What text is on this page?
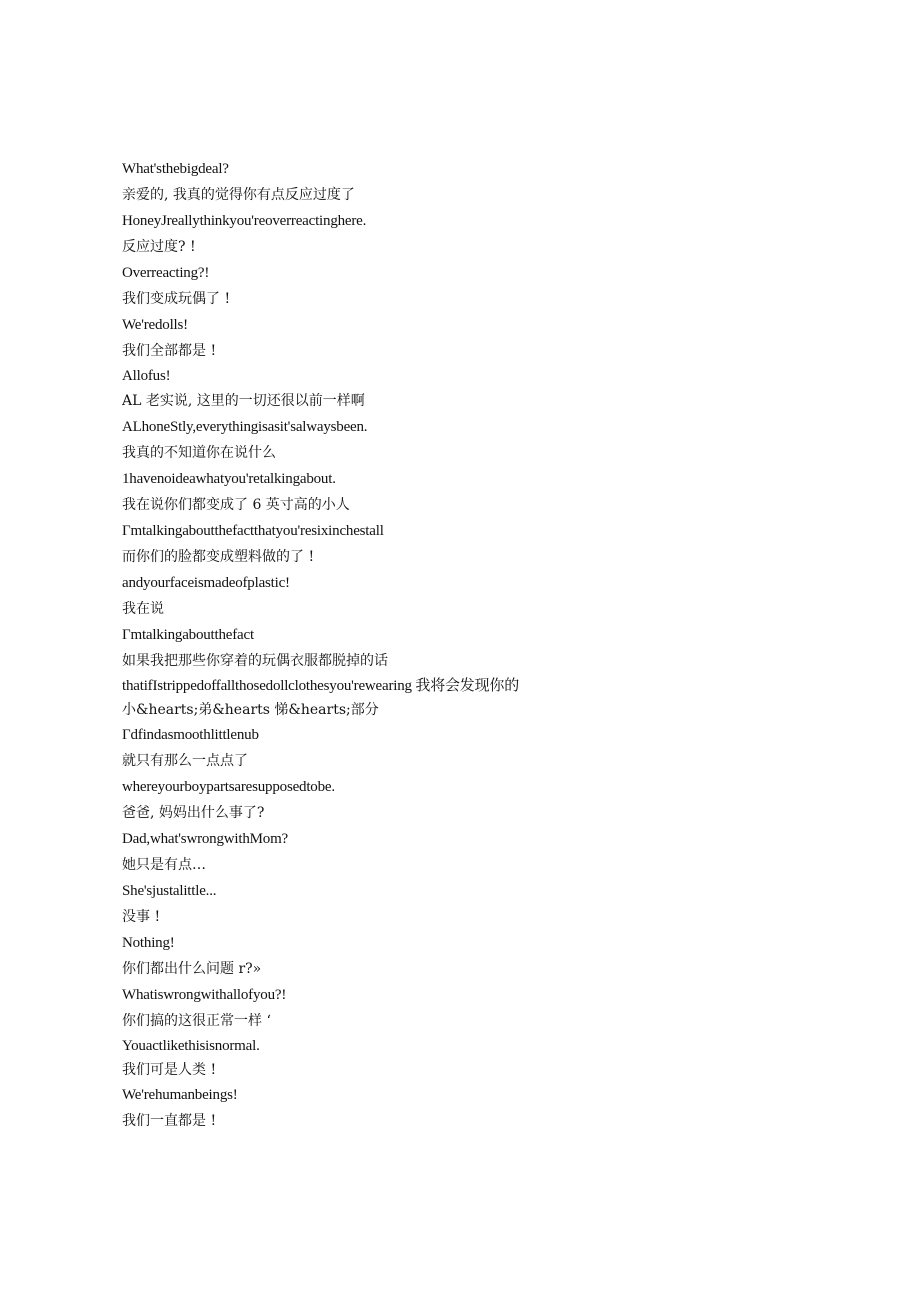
What'sthebigdeal?
亲爱的, 我真的觉得你有点反应过度了
HoneyJreallythinkyou'reoverreactinghere.
反应过度? !
Overreacting?!
我们变成玩偶了 !
We'redolls!
我们全部都是 !
Allofus!
AL 老实说, 这里的一切还很以前一样啊
ALhoneStly,everythingisasit'salwaysbeen.
我真的不知道你在说什么
1havenoideawhatyou'retalkingabout.
我在说你们都变成了 6 英寸高的小人
Γmtalkingaboutthefactthatyou'resixinchestall
而你们的脸都变成塑料做的了 !
andyourfaceismadeofplastic!
我在说
Γmtalkingaboutthefact
如果我把那些你穿着的玩偶衣服都脱掉的话
thatifIstrippedoffallthosedollclothesyou'rewearing 我将会发现你的
小&hearts;弟&hearts 悌&hearts;部分
Γdfindasmoothlittlenub
就只有那么一点点了
whereyourboypartsaresupposedtobe.
爸爸, 妈妈出什么事了?
Dad,what'swrongwithMom?
她只是有点…
She'sjustalittle...
没事 !
Nothing!
你们都出什么问题 r?»
Whatiswrongwithallofyou?!
你们搞的这很正常一样 ‘
Youactlikethisisnormal.
我们可是人类 !
We'rehumanbeings!
我们一直都是 !
